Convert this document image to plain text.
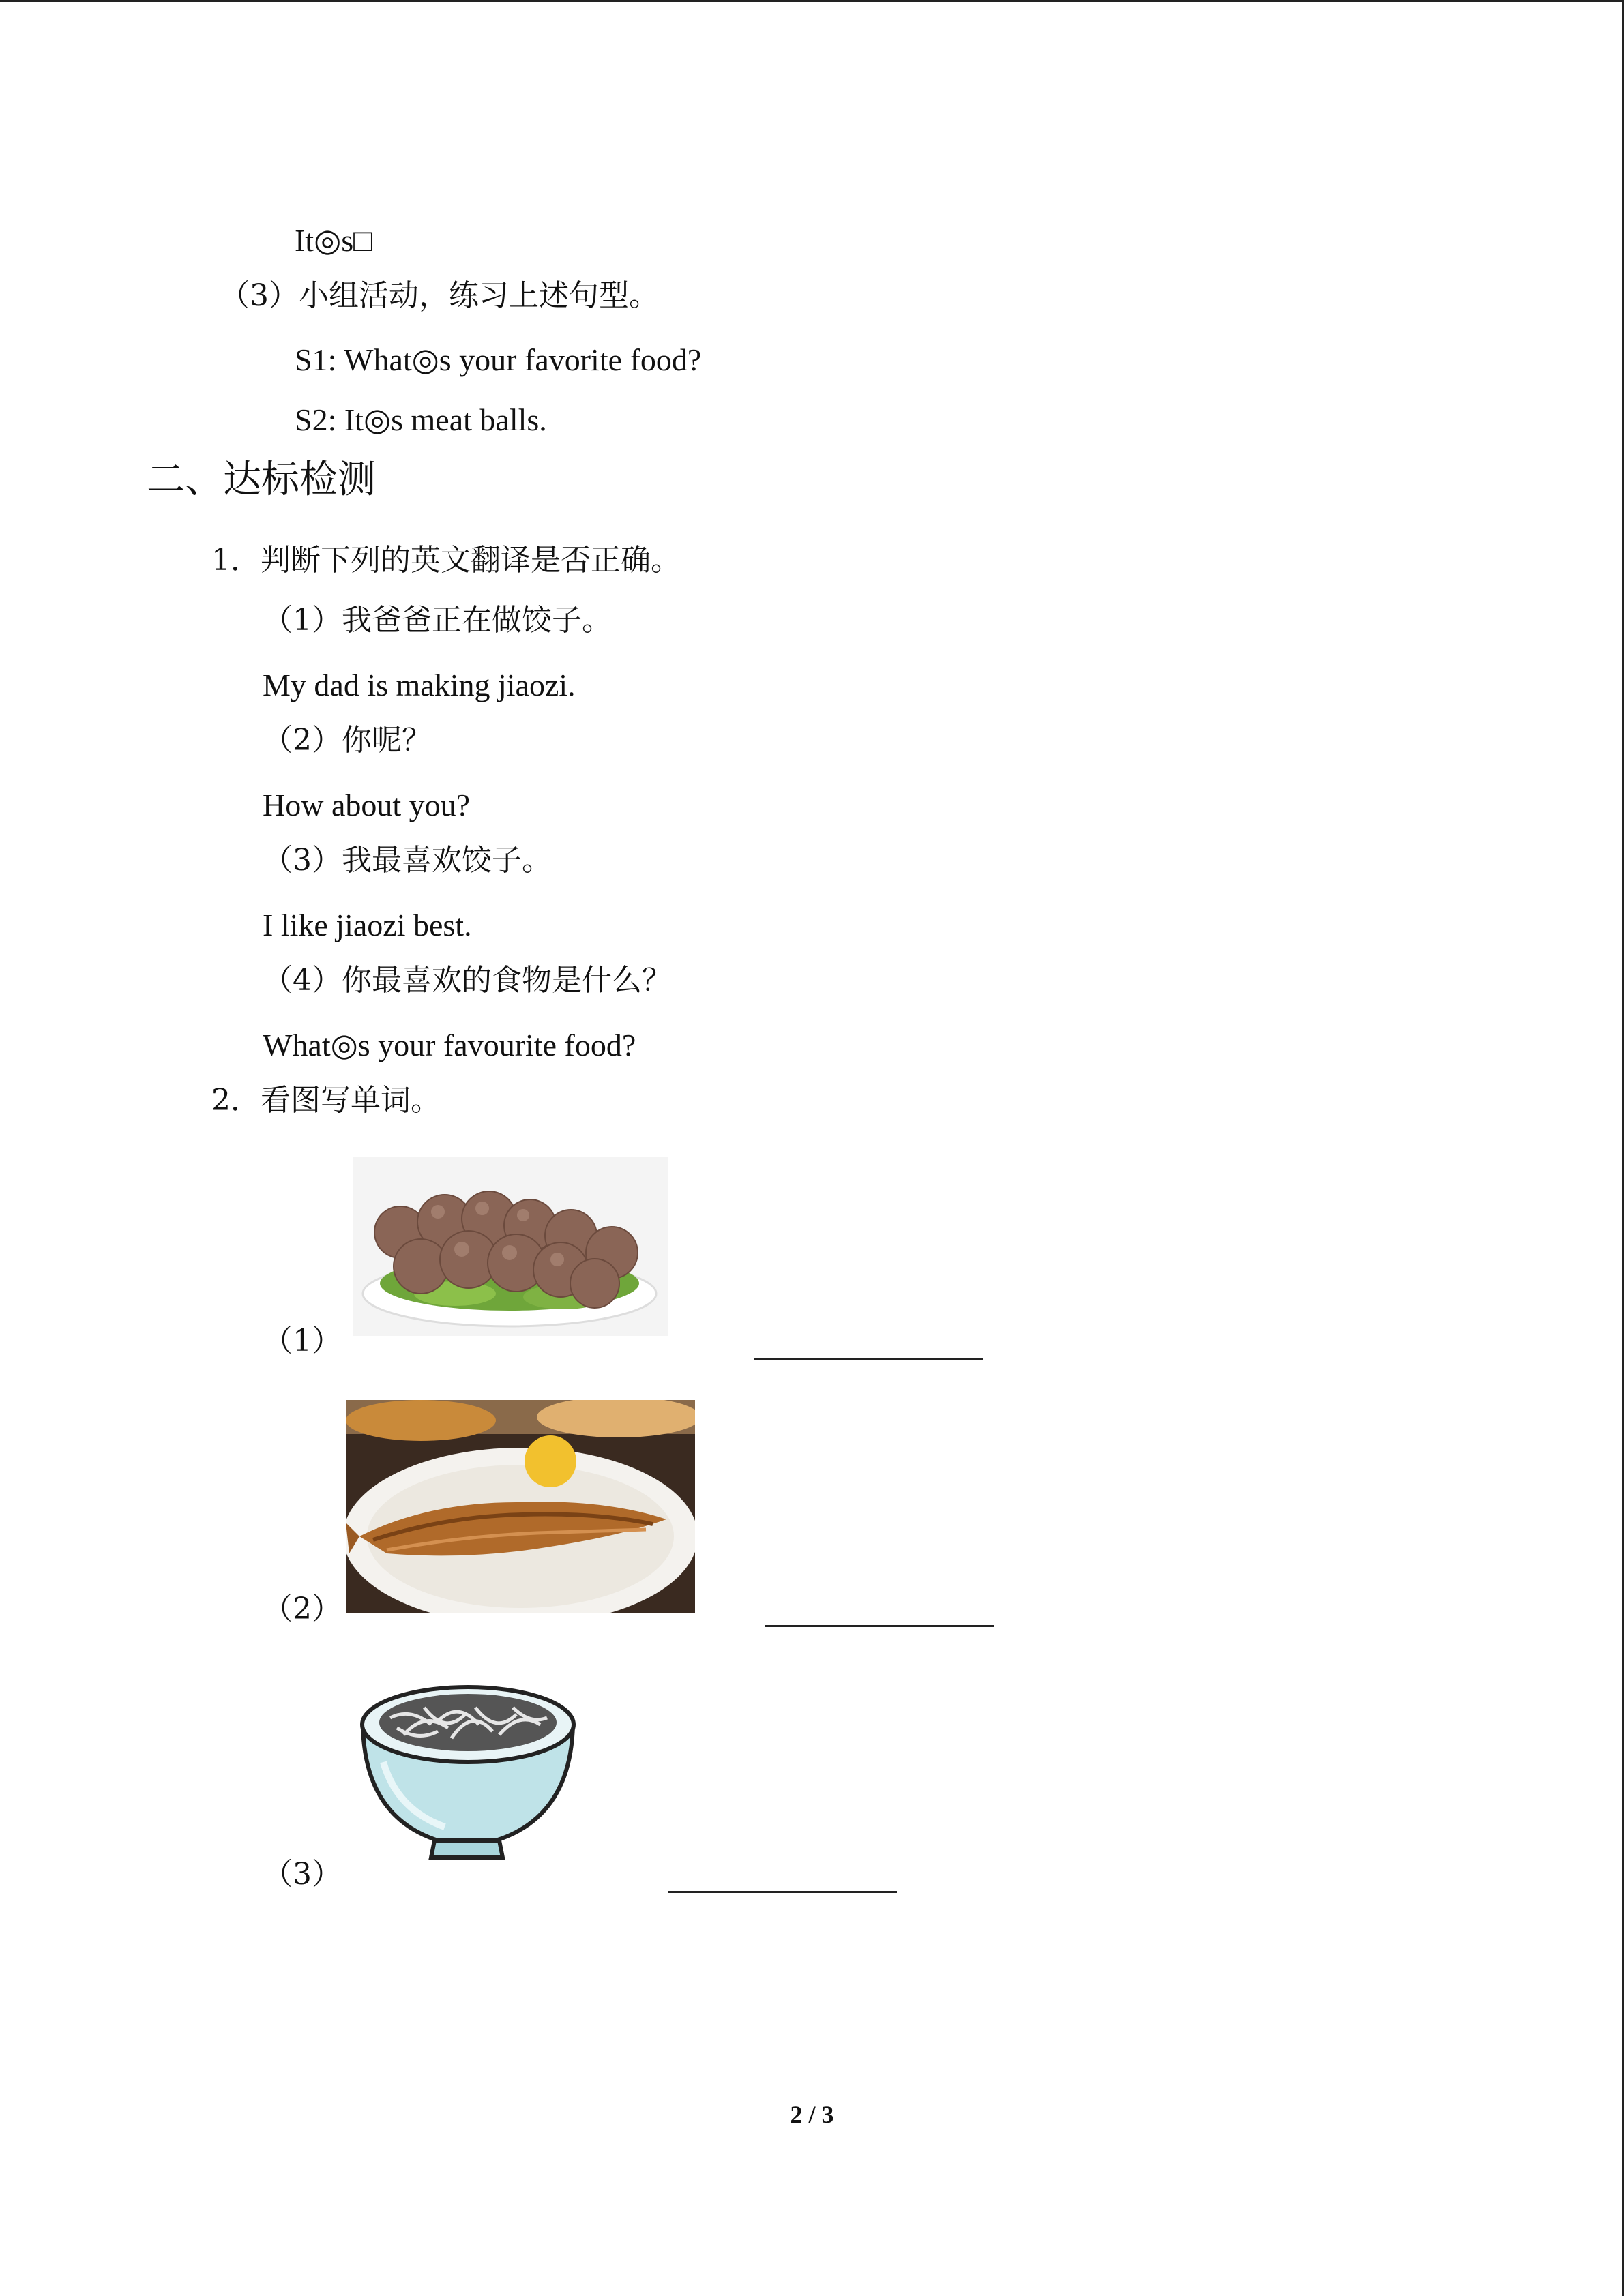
It◎s□
（3）小组活动，练习上述句型。
S1: What◎s your favorite food?
S2: It◎s meat balls.
二、达标检测
1．判断下列的英文翻译是否正确。
（1）我爸爸正在做饺子。
My dad is making jiaozi.
（2）你呢？
How about you?
（3）我最喜欢饺子。
I like jiaozi best.
（4）你最喜欢的食物是什么？
What◎s your favourite food?
2．看图写单词。
（1）
（2）
（3）
2 / 3
